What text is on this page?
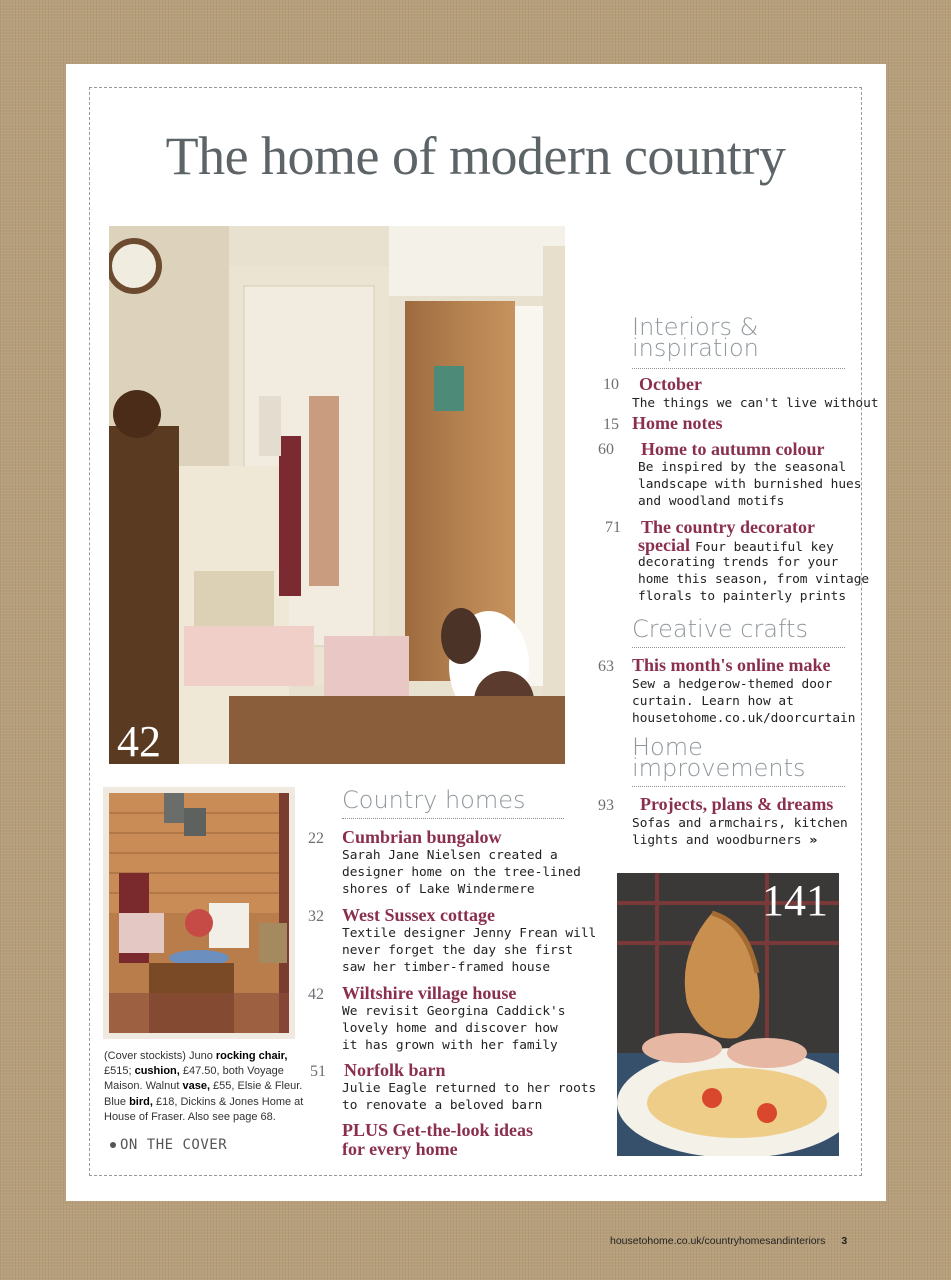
The home of modern country
42
141
Interiors &
inspiration
10 October
The things we can't live without
15 Home notes
60 Home to autumn colour
Be inspired by the seasonal
landscape with burnished hues
and woodland motifs
71 The country decorator
special Four beautiful key
decorating trends for your
home this season, from vintage
florals to painterly prints
Creative crafts
63 This month's online make
Sew a hedgerow-themed door
curtain. Learn how at
housetohome.co.uk/doorcurtain
Home
improvements
93 Projects, plans & dreams
Sofas and armchairs, kitchen
lights and woodburners »
Country homes
22 Cumbrian bungalow
Sarah Jane Nielsen created a
designer home on the tree-lined
shores of Lake Windermere
32 West Sussex cottage
Textile designer Jenny Frean will
never forget the day she first
saw her timber-framed house
42 Wiltshire village house
We revisit Georgina Caddick's
lovely home and discover how
it has grown with her family
51 Norfolk barn
Julie Eagle returned to her roots
to renovate a beloved barn
PLUS Get-the-look ideas
for every home
(Cover stockists) Juno rocking chair, £515; cushion, £47.50, both Voyage Maison. Walnut vase, £55, Elsie & Fleur. Blue bird, £18, Dickins & Jones Home at House of Fraser. Also see page 68.
ON THE COVER
housetohome.co.uk/countryhomesandinteriors 3
